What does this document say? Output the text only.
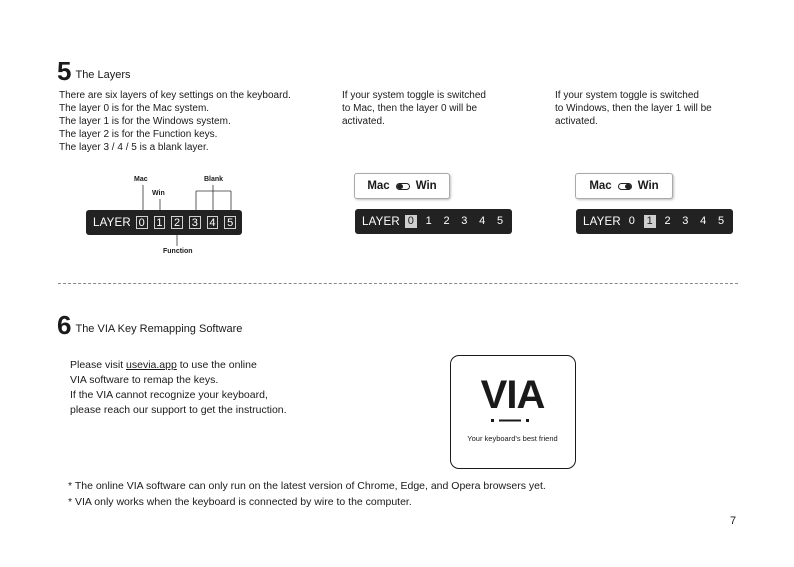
5 The Layers
There are six layers of key settings on the keyboard.
The layer 0 is for the Mac system.
The layer 1 is for the Windows system.
The layer 2 is for the Function keys.
The layer 3 / 4 / 5 is a blank layer.
If your system toggle is switched
to Mac, then the layer 0 will be
activated.
If your system toggle is switched
to Windows, then the layer 1 will be
activated.
Mac
Win
Blank
Function
LAYER 0 1 2 3 4 5
Mac Win
LAYER 0 1 2 3 4 5
Mac Win
LAYER 0 1 2 3 4 5
6 The VIA Key Remapping Software
Please visit usevia.app to use the online
VIA software to remap the keys.
If the VIA cannot recognize your keyboard,
please reach our support to get the instruction.	VIA
Your keyboard's best friend
* The online VIA software can only run on the latest version of Chrome, Edge, and Opera browsers yet.
* VIA only works when the keyboard is connected by wire to the computer.
7
